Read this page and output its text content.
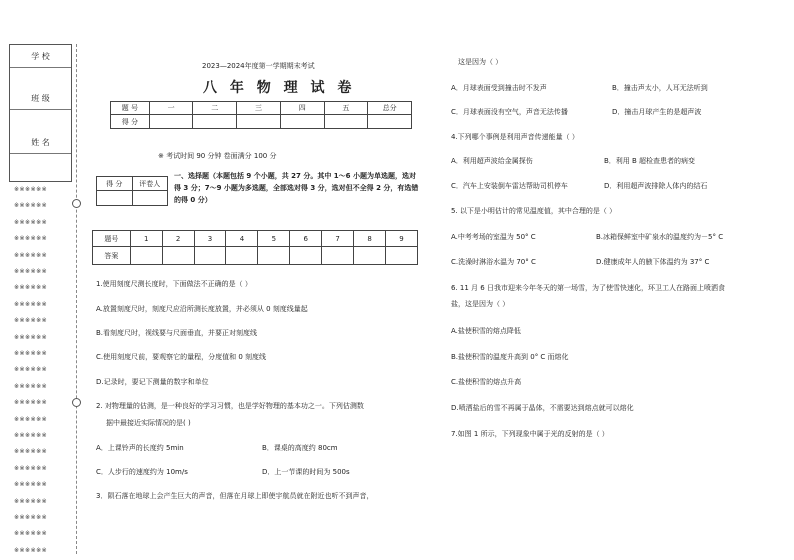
学 校
班 级
姓 名
※※※※※※
※※※※※※
※※※※※※
※※※※※※
※※※※※※
※※※※※※
※※※※※※
※※※※※※
※※※※※※
※※※※※※
※※※※※※
※※※※※※
※※※※※※
※※※※※※
※※※※※※
※※※※※※
※※※※※※
※※※※※※
※※※※※※
※※※※※※
※※※※※※
※※※※※※
※※※※※※
2023—2024年度第一学期期末考试
八 年 物 理 试 卷
题 号	一	二	三	四	五	总分
得 分						
※ 考试时间 90 分钟 卷面满分 100 分
得 分	评卷人

一、选择题（本题包括 9 个小题，共 27 分。其中 1～6 小题为单选题，选对得 3 分；7～9 小题为多选题，全部选对得 3 分，选对但不全得 2 分，有选错的得 0 分）
题号	1	2	3	4	5	6	7	8	9
答案									
1.使用刻度尺测长度时，下面做法不正确的是（ ）
A.放置刻度尺时，刻度尺应沿所测长度放置，并必须从 0 刻度线量起
B.看刻度尺时，视线要与尺面垂直，并要正对刻度线
C.使用刻度尺前，要观察它的量程，分度值和 0 刻度线
D.记录时，要记下测量的数字和单位
2. 对物理量的估测，是一种良好的学习习惯，也是学好物理的基本功之一。下列估测数
据中最接近实际情况的是( )
A．上课铃声的长度约 5min	B．课桌的高度约 80cm
C．人步行的速度约为 10m/s	D．上一节课的时间为 500s
3．陨石落在地球上会产生巨大的声音，但落在月球上即使宇航员就在附近也听不到声音，
这是因为（ ）
A．月球表面受到撞击时不发声	B．撞击声太小，人耳无法听到
C．月球表面没有空气，声音无法传播	D．撞击月球产生的是超声波
4.下列哪个事例是利用声音传递能量（ ）
A．利用超声波给金属探伤	B．利用 B 超检查患者的病变
C．汽车上安装倒车雷达帮助司机停车	D．利用超声波排除人体内的结石
5. 以下是小明估计的常见温度值，其中合理的是（ ）
A.中考考场的室温为 50° C	B.冰箱保鲜室中矿泉水的温度约为－5° C
C.洗澡时淋浴水温为 70° C	D.健康成年人的腋下体温约为 37° C
6. 11 月 6 日我市迎来今年冬天的第一场雪，为了使雪快速化，环卫工人在路面上喷洒食
盐，这是因为（ ）
A.盐使积雪的熔点降低
B.盐使积雪的温度升高到 0° C 而熔化
C.盐使积雪的熔点升高
D.喷洒盐后的雪不再属于晶体，不需要达到熔点就可以熔化
7.如图 1 所示，下列现象中属于光的反射的是（ ）
